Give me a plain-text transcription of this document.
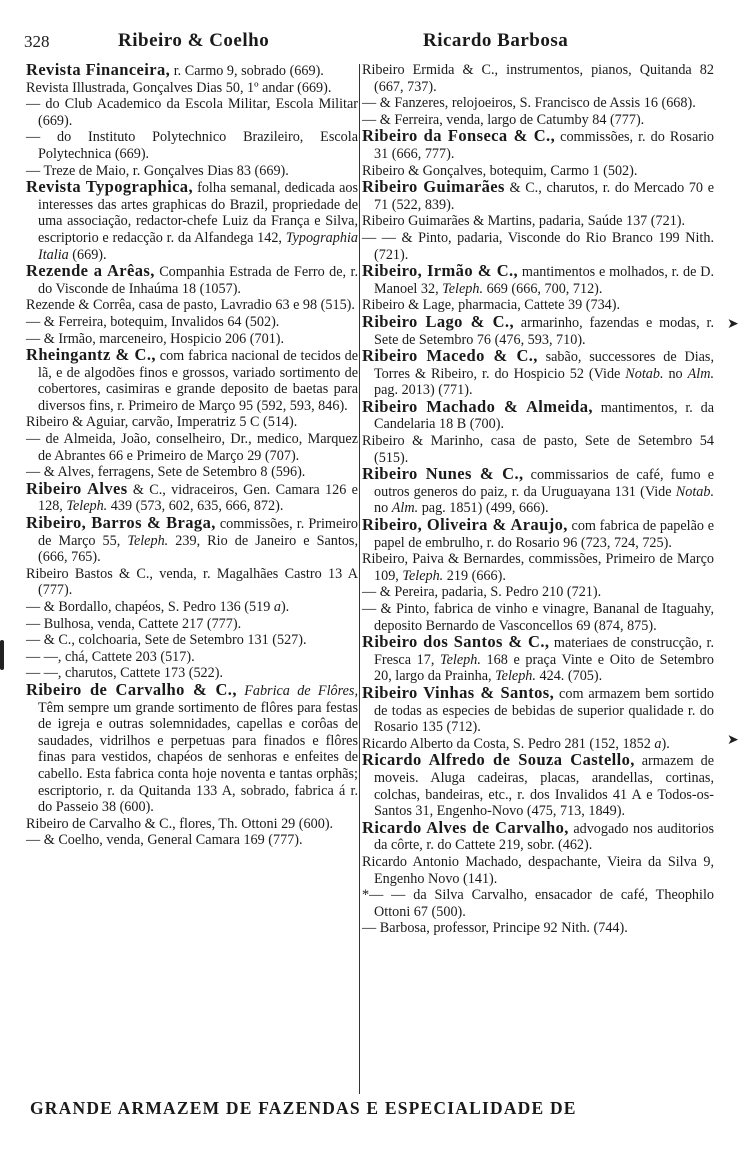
328	Ribeiro & Coelho	Ricardo Barbosa

Revista Financeira, r. Carmo 9, sobrado (669).

Revista Illustrada, Gonçalves Dias 50, 1º andar (669).

— do Club Academico da Escola Militar, Escola Militar (669).

— do Instituto Polytechnico Brazileiro, Escola Polytechnica (669).

— Treze de Maio, r. Gonçalves Dias 83 (669).

Revista Typographica, folha semanal, dedicada aos interesses das artes graphicas do Brazil, propriedade de uma associação, redactor-chefe Luiz da França e Silva, escriptorio e redacção r. da Alfandega 142, Typographia Italia (669).

Rezende a Arêas, Companhia Estrada de Ferro de, r. do Visconde de Inhaúma 18 (1057).

Rezende & Corrêa, casa de pasto, Lavradio 63 e 98 (515).

— & Ferreira, botequim, Invalidos 64 (502).

— & Irmão, marceneiro, Hospicio 206 (701).

Rheingantz & C., com fabrica nacional de tecidos de lã, e de algodões finos e grossos, variado sortimento de cobertores, casimiras e grande deposito de baetas para diversos fins, r. Primeiro de Março 95 (592, 593, 846).

Ribeiro & Aguiar, carvão, Imperatriz 5 C (514).

— de Almeida, João, conselheiro, Dr., medico, Marquez de Abrantes 66 e Primeiro de Março 29 (707).

— & Alves, ferragens, Sete de Setembro 8 (596).

Ribeiro Alves & C., vidraceiros, Gen. Camara 126 e 128, Teleph. 439 (573, 602, 635, 666, 872).

Ribeiro, Barros & Braga, commissões, r. Primeiro de Março 55, Teleph. 239, Rio de Janeiro e Santos, (666, 765).

Ribeiro Bastos & C., venda, r. Magalhães Castro 13 A (777).

— & Bordallo, chapéos, S. Pedro 136 (519 a).

— Bulhosa, venda, Cattete 217 (777).

— & C., colchoaria, Sete de Setembro 131 (527).

— —, chá, Cattete 203 (517).

— —, charutos, Cattete 173 (522).

Ribeiro de Carvalho & C., Fabrica de Flôres, Têm sempre um grande sortimento de flôres para festas de igreja e outras solemnidades, capellas e corôas de saudades, vidrilhos e perpetuas para finados e flôres finas para vestidos, chapéos de senhoras e enfeites de cabello. Esta fabrica conta hoje noventa e tantas orphãs; escriptorio, r. da Quitanda 133 A, sobrado, fabrica á r. do Passeio 38 (600).

Ribeiro de Carvalho & C., flores, Th. Ottoni 29 (600).

— & Coelho, venda, General Camara 169 (777).

Ribeiro Ermida & C., instrumentos, pianos, Quitanda 82 (667, 737).

— & Fanzeres, relojoeiros, S. Francisco de Assis 16 (668).

— & Ferreira, venda, largo de Catumby 84 (777).

Ribeiro da Fonseca & C., commissões, r. do Rosario 31 (666, 777).

Ribeiro & Gonçalves, botequim, Carmo 1 (502).

Ribeiro Guimarães & C., charutos, r. do Mercado 70 e 71 (522, 839).

Ribeiro Guimarães & Martins, padaria, Saúde 137 (721).

— — & Pinto, padaria, Visconde do Rio Branco 199 Nith. (721).

Ribeiro, Irmão & C., mantimentos e molhados, r. de D. Manoel 32, Teleph. 669 (666, 700, 712).

Ribeiro & Lage, pharmacia, Cattete 39 (734).

Ribeiro Lago & C., armarinho, fazendas e modas, r. Sete de Setembro 76 (476, 593, 710).

Ribeiro Macedo & C., sabão, successores de Dias, Torres & Ribeiro, r. do Hospicio 52 (Vide Notab. no Alm. pag. 2013) (771).

Ribeiro Machado & Almeida, mantimentos, r. da Candelaria 18 B (700).

Ribeiro & Marinho, casa de pasto, Sete de Setembro 54 (515).

Ribeiro Nunes & C., commissarios de café, fumo e outros generos do paiz, r. da Uruguayana 131 (Vide Notab. no Alm. pag. 1851) (499, 666).

Ribeiro, Oliveira & Araujo, com fabrica de papelão e papel de embrulho, r. do Rosario 96 (723, 724, 725).

Ribeiro, Paiva & Bernardes, commissões, Primeiro de Março 109, Teleph. 219 (666).

— & Pereira, padaria, S. Pedro 210 (721).

— & Pinto, fabrica de vinho e vinagre, Bananal de Itaguahy, deposito Bernardo de Vasconcellos 69 (874, 875).

Ribeiro dos Santos & C., materiaes de construcção, r. Fresca 17, Teleph. 168 e praça Vinte e Oito de Setembro 20, largo da Prainha, Teleph. 424. (705).

Ribeiro Vinhas & Santos, com armazem bem sortido de todas as especies de bebidas de superior qualidade r. do Rosario 135 (712).

Ricardo Alberto da Costa, S. Pedro 281 (152, 1852 a).

Ricardo Alfredo de Souza Castello, armazem de moveis. Aluga cadeiras, placas, arandellas, cortinas, colchas, bandeiras, etc., r. dos Invalidos 41 A e Todos-os-Santos 31, Engenho-Novo (475, 713, 1849).

Ricardo Alves de Carvalho, advogado nos auditorios da côrte, r. do Cattete 219, sobr. (462).

Ricardo Antonio Machado, despachante, Vieira da Silva 9, Engenho Novo (141).

*— — da Silva Carvalho, ensacador de café, Theophilo Ottoni 67 (500).

— Barbosa, professor, Principe 92 Nith. (744).

GRANDE ARMAZEM DE FAZENDAS E ESPECIALIDADE DE
➤
➤
